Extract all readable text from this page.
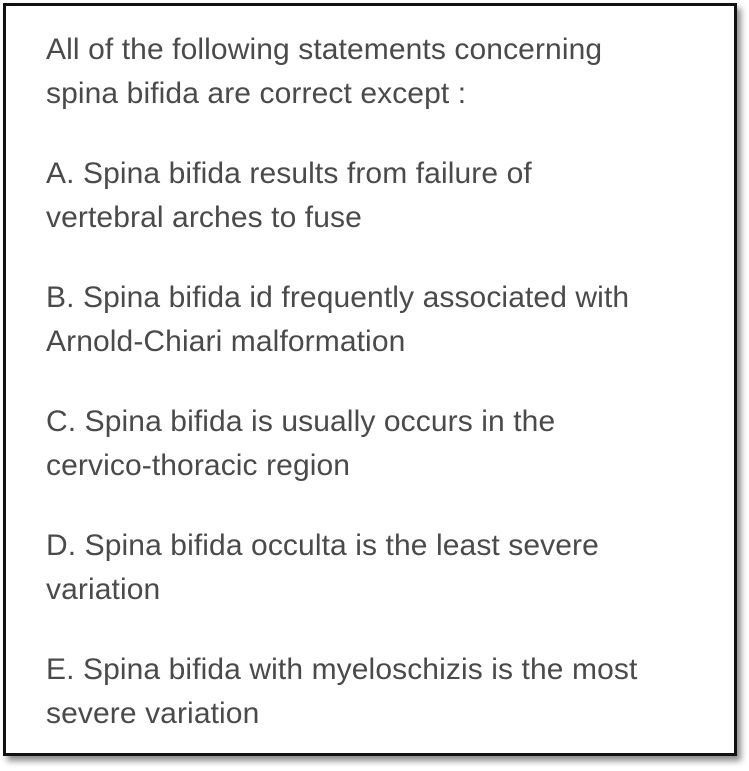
All of the following statements concerning
spina bifida are correct except :
A. Spina bifida results from failure of
vertebral arches to fuse
B. Spina bifida id frequently associated with
Arnold-Chiari malformation
C. Spina bifida is usually occurs in the
cervico-thoracic region
D. Spina bifida occulta is the least severe
variation
E. Spina bifida with myeloschizis is the most
severe variation
